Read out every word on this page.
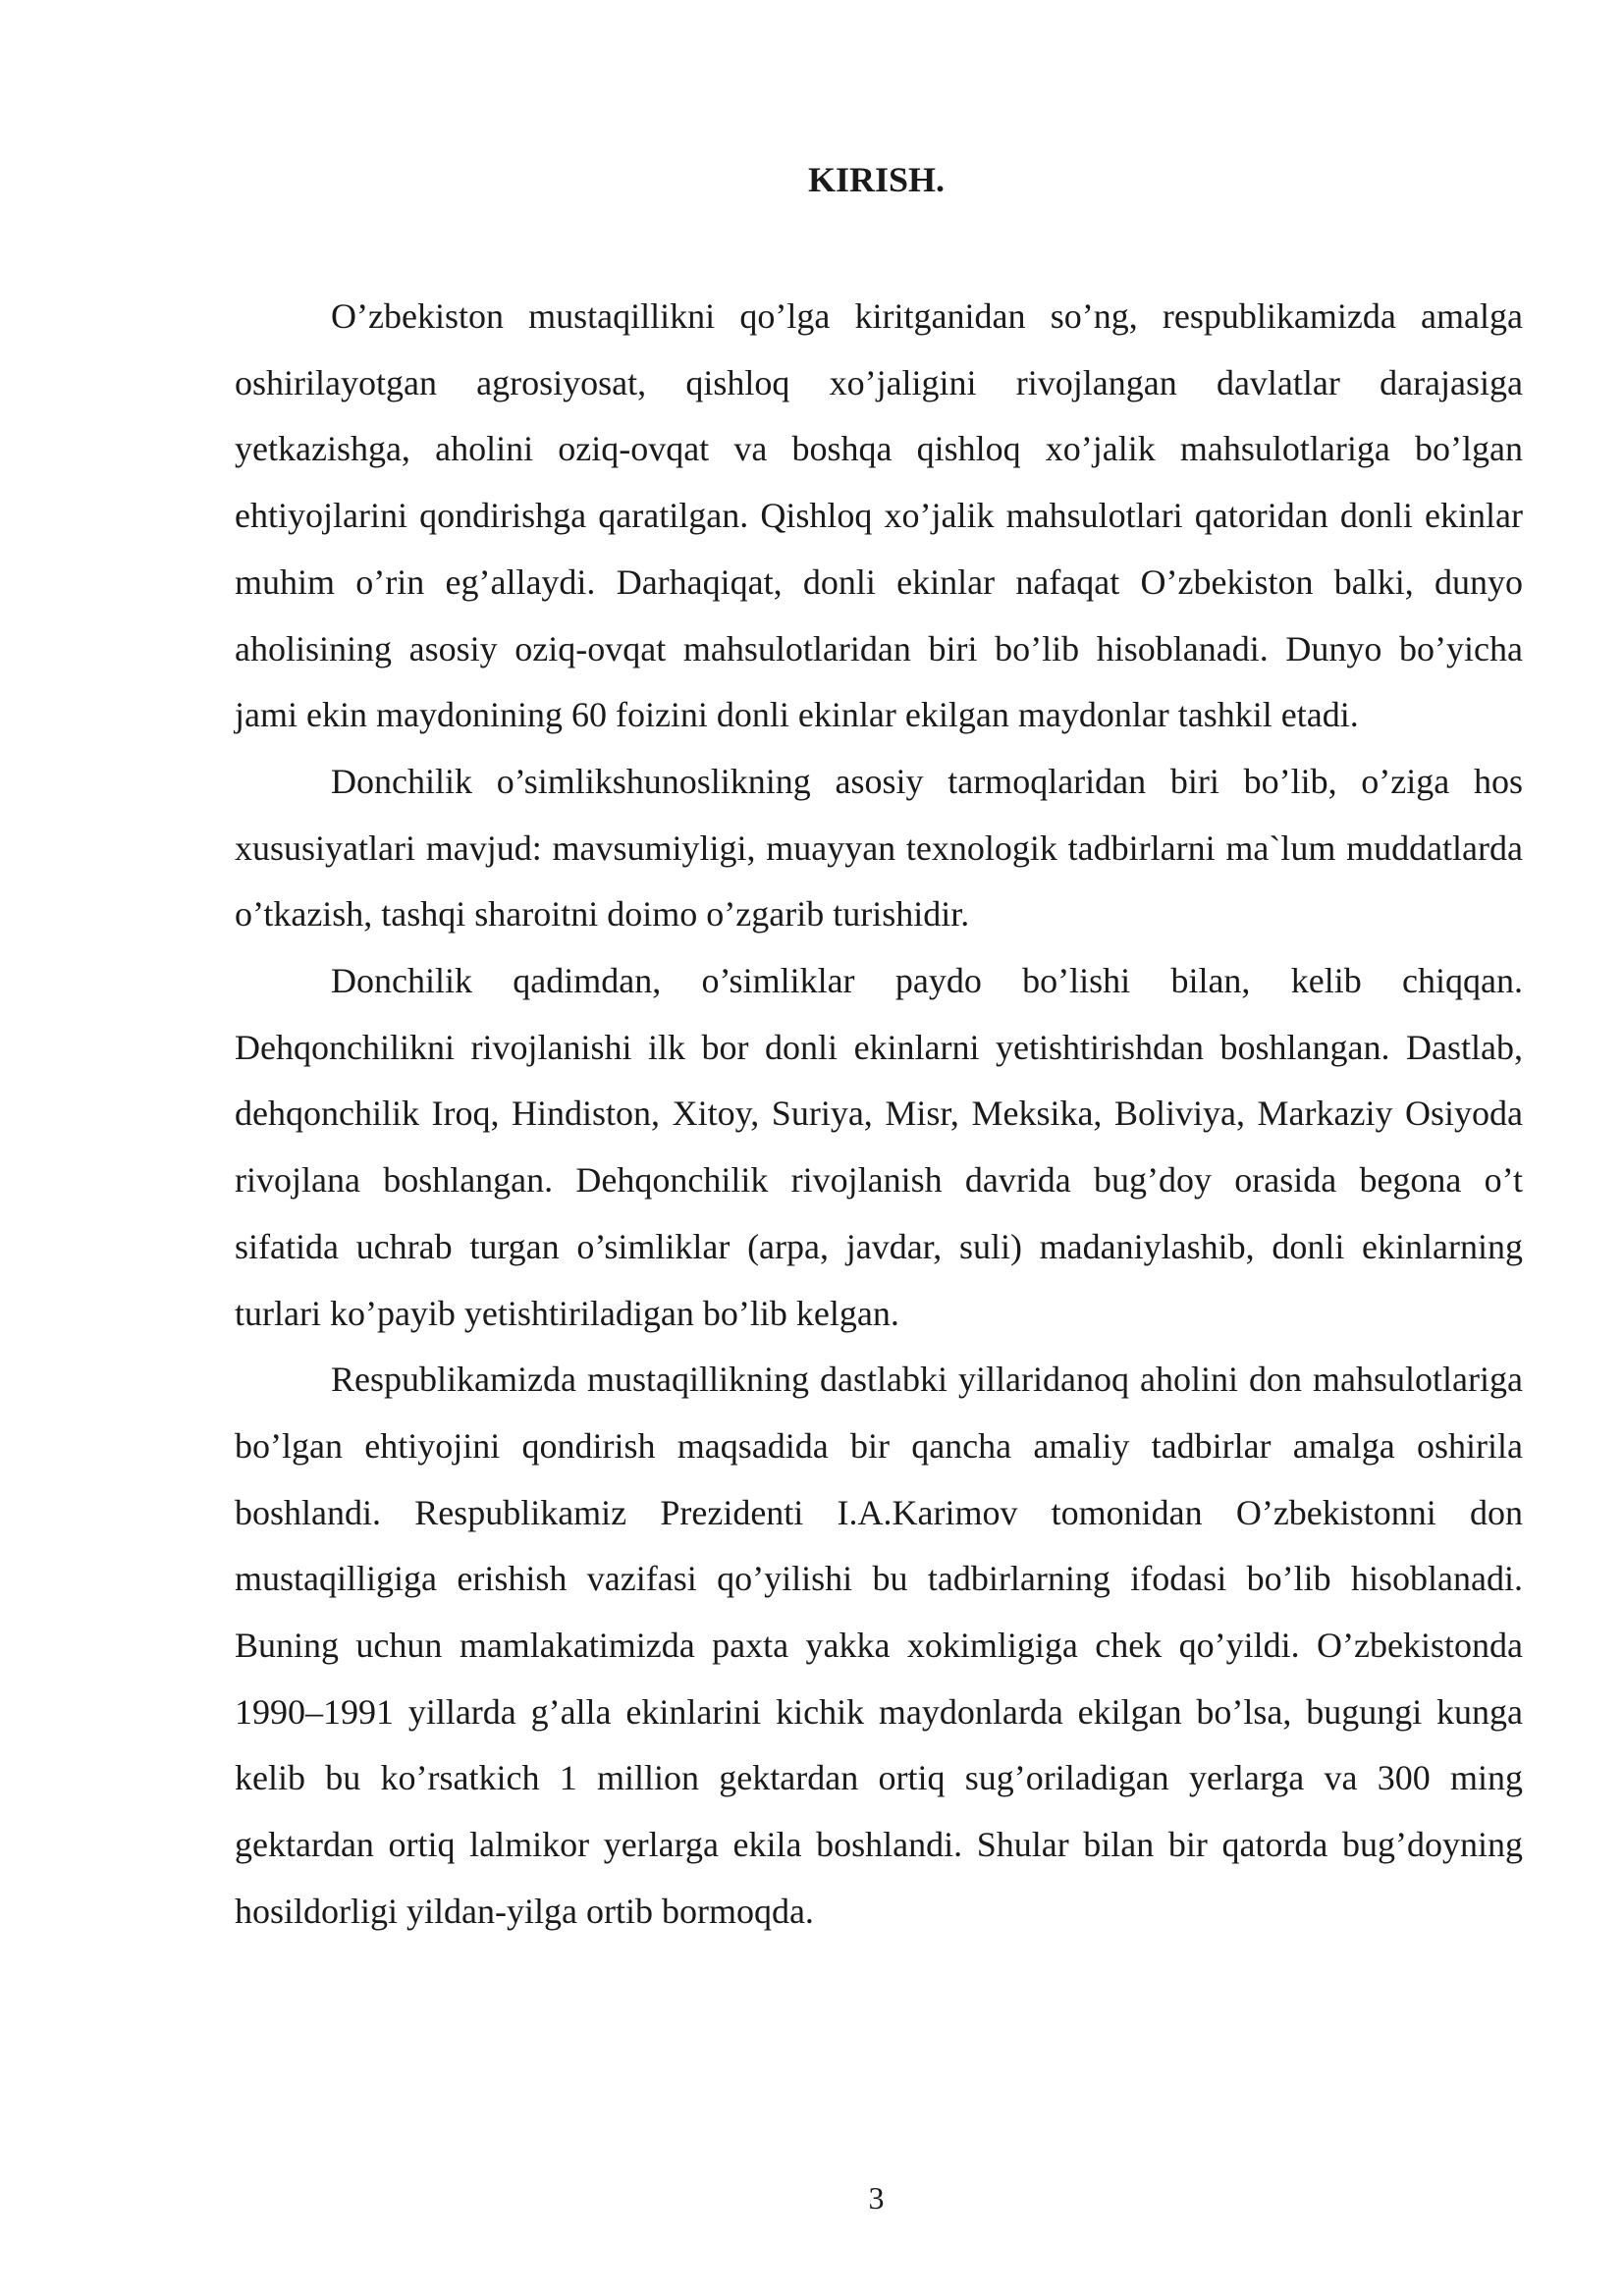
KIRISH.

O’zbekiston mustaqillikni qo’lga kiritganidan so’ng, respublikamizda amalga oshirilayotgan agrosiyosat, qishloq xo’jaligini rivojlangan davlatlar darajasiga yetkazishga, aholini oziq-ovqat va boshqa qishloq xo’jalik mahsulotlariga bo’lgan ehtiyojlarini qondirishga qaratilgan. Qishloq xo’jalik mahsulotlari qatoridan donli ekinlar muhim o’rin eg’allaydi. Darhaqiqat, donli ekinlar nafaqat O’zbekiston balki, dunyo aholisining asosiy oziq-ovqat mahsulotlaridan biri bo’lib hisoblanadi. Dunyo bo’yicha jami ekin maydonining 60 foizini donli ekinlar ekilgan maydonlar tashkil etadi.

Donchilik o’simlikshunoslikning asosiy tarmoqlaridan biri bo’lib, o’ziga hos xususiyatlari mavjud: mavsumiyligi, muayyan texnologik tadbirlarni ma`lum muddatlarda o’tkazish, tashqi sharoitni doimo o’zgarib turishidir.

Donchilik qadimdan, o’simliklar paydo bo’lishi bilan, kelib chiqqan. Dehqonchilikni rivojlanishi ilk bor donli ekinlarni yetishtirishdan boshlangan. Dastlab, dehqonchilik Iroq, Hindiston, Xitoy, Suriya, Misr, Meksika, Boliviya, Markaziy Osiyoda rivojlana boshlangan. Dehqonchilik rivojlanish davrida bug’doy orasida begona o’t sifatida uchrab turgan o’simliklar (arpa, javdar, suli) madaniylashib, donli ekinlarning turlari ko’payib yetishtiriladigan bo’lib kelgan.

Respublikamizda mustaqillikning dastlabki yillaridanoq aholini don mahsulotlariga bo’lgan ehtiyojini qondirish maqsadida bir qancha amaliy tadbirlar amalga oshirila boshlandi. Respublikamiz Prezidenti I.A.Karimov tomonidan O’zbekistonni don mustaqilligiga erishish vazifasi qo’yilishi bu tadbirlarning ifodasi bo’lib hisoblanadi. Buning uchun mamlakatimizda paxta yakka xokimligiga chek qo’yildi. O’zbekistonda 1990–1991 yillarda g’alla ekinlarini kichik maydonlarda ekilgan bo’lsa, bugungi kunga kelib bu ko’rsatkich 1 million gektardan ortiq sug’oriladigan yerlarga va 300 ming gektardan ortiq lalmikor yerlarga ekila boshlandi. Shular bilan bir qatorda bug’doyning hosildorligi yildan-yilga ortib bormoqda.

3
